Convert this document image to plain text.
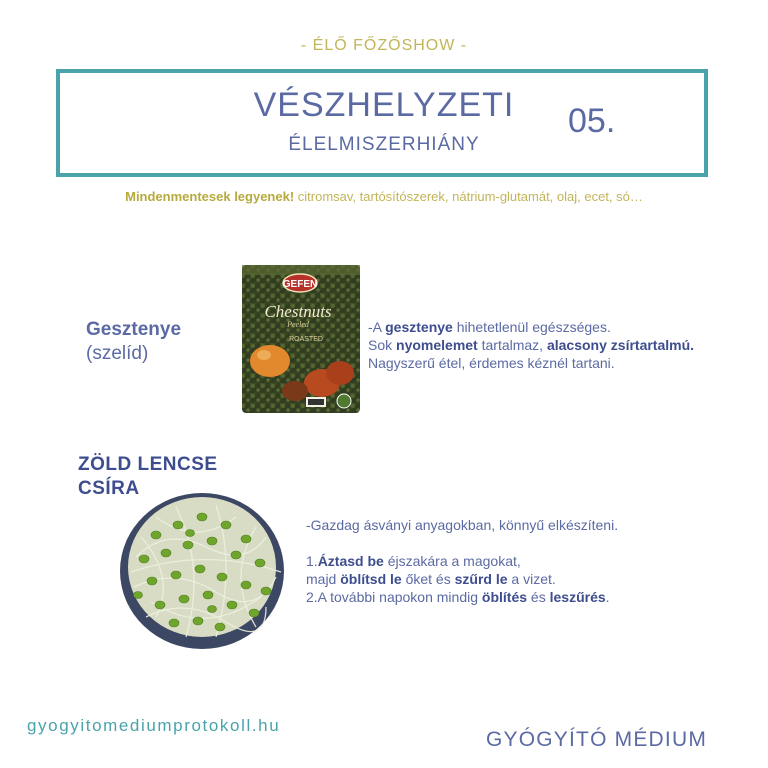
- ÉLŐ FŐZŐSHOW -
VÉSZHELYZETI
ÉLELMISZERHIÁNY
05.
Mindenmentesek legyenek! citromsav, tartósítószerek, nátrium-glutamát, olaj, ecet, só…
Gesztenye
(szelíd)
GEFEN
Chestnuts
Peeled
ROASTED
-A gesztenye hihetetlenül egészséges.
Sok nyomelemet tartalmaz, alacsony zsírtartalmú.
Nagyszerű étel, érdemes kéznél tartani.
ZÖLD LENCSE
CSÍRA
-Gazdag ásványi anyagokban, könnyű elkészíteni.
1.Áztasd be éjszakára a magokat,
majd öblítsd le őket és szűrd le a vizet.
2.A további napokon mindig öblítés és leszűrés.
gyogyitomediumprotokoll.hu
GYÓGYÍTÓ MÉDIUM
